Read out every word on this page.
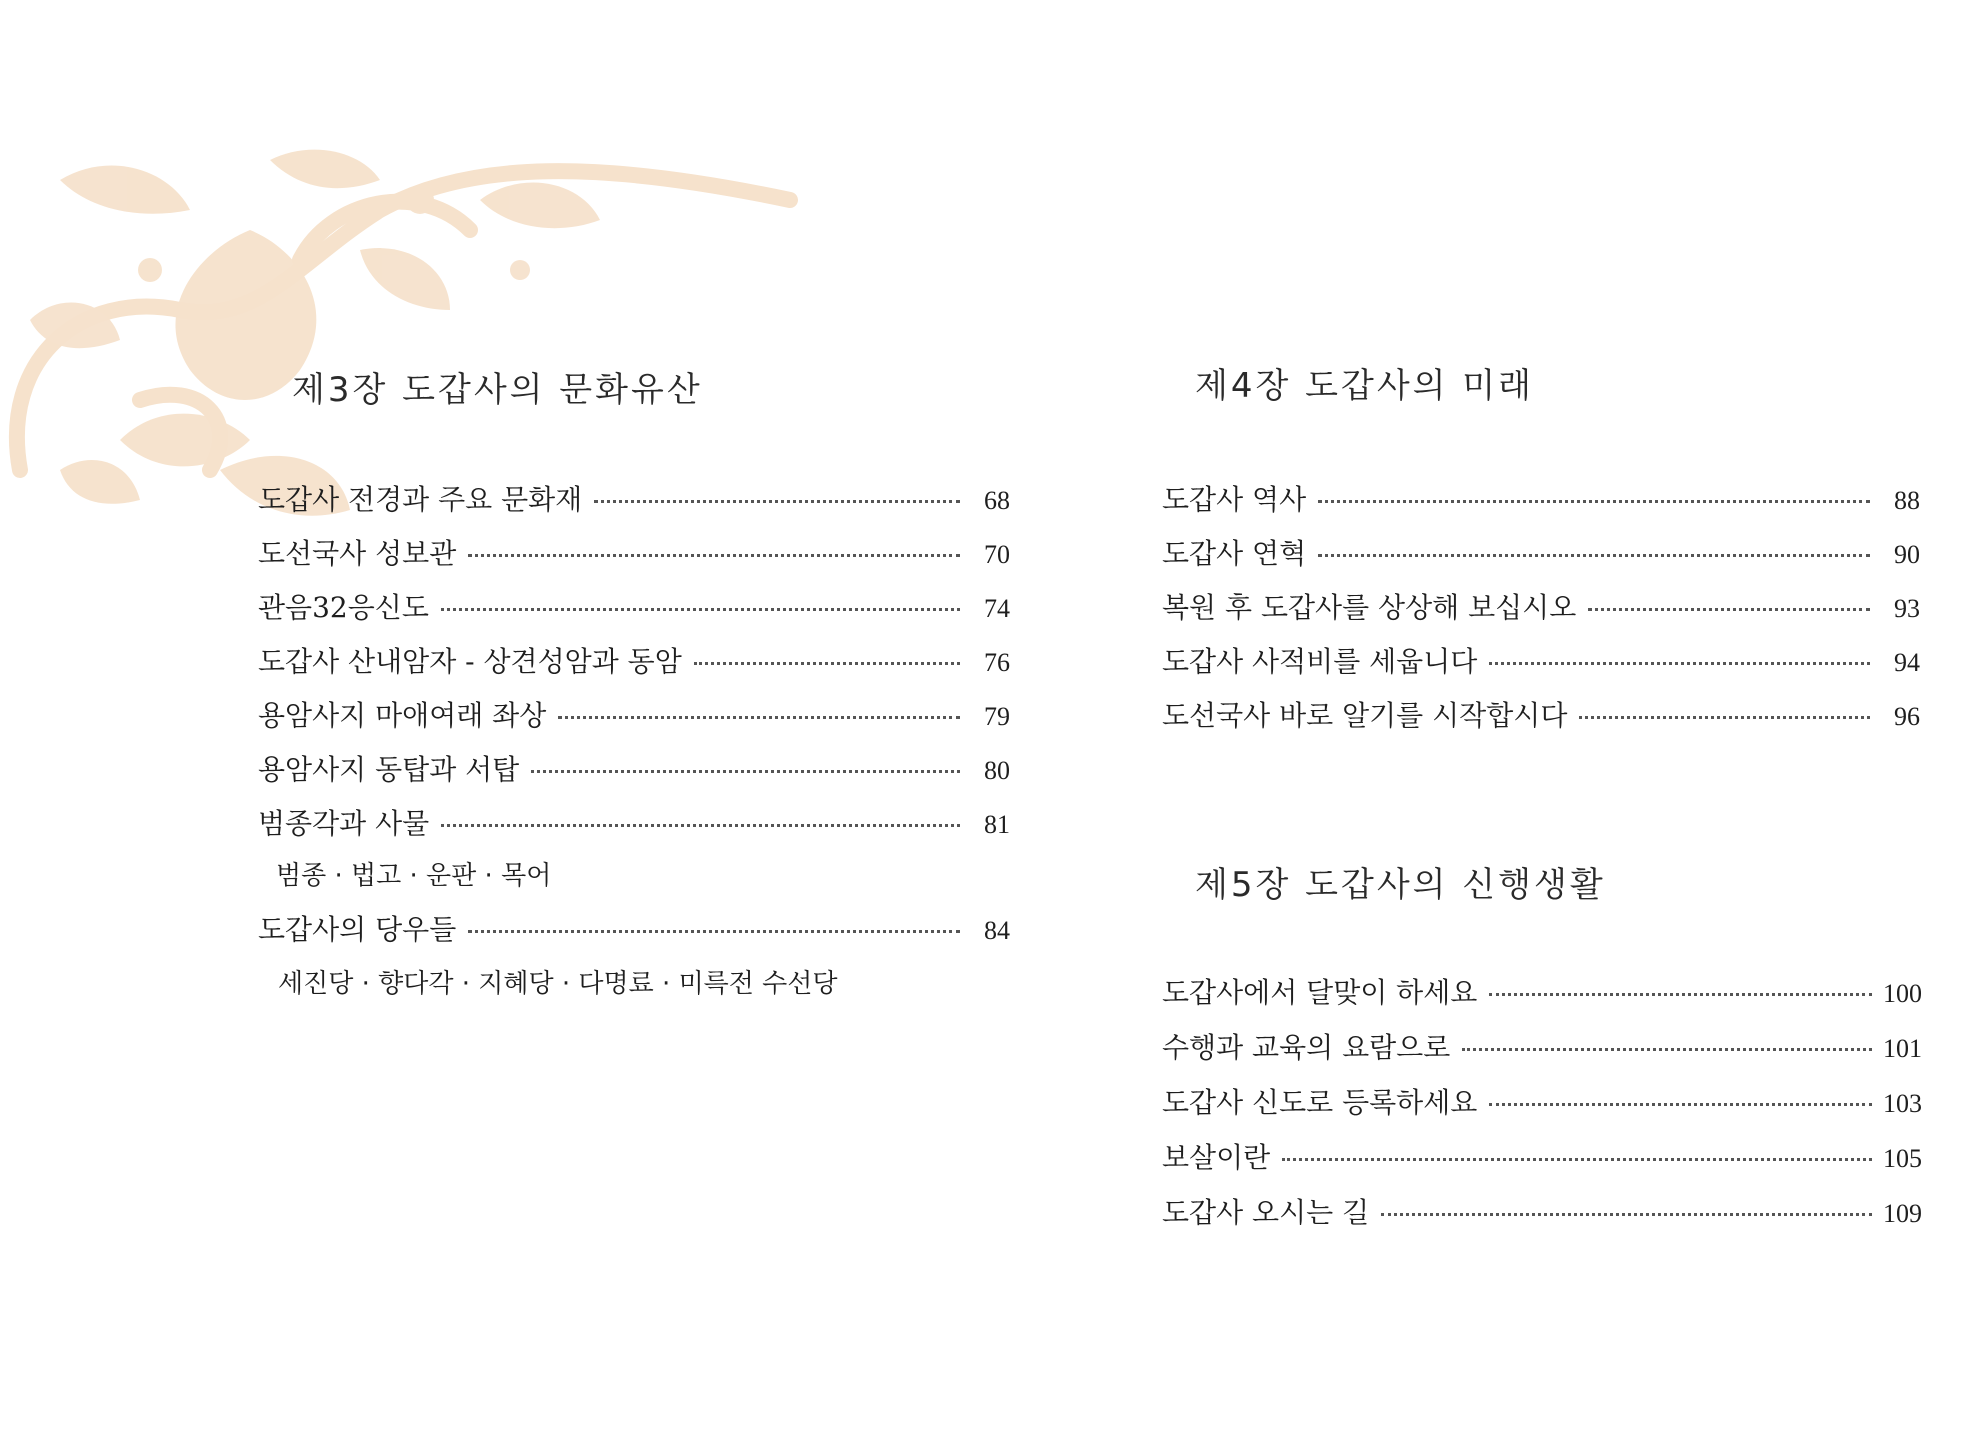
제3장 도갑사의 문화유산
도갑사 전경과 주요 문화재	68
도선국사 성보관	70
관음32응신도	74
도갑사 산내암자 - 상견성암과 동암	76
용암사지 마애여래 좌상	79
용암사지 동탑과 서탑	80
범종각과 사물	81
범종 · 법고 · 운판 · 목어
도갑사의 당우들	84
세진당 · 향다각 · 지혜당 · 다명료 · 미륵전 수선당
제4장 도갑사의 미래
도갑사 역사	88
도갑사 연혁	90
복원 후 도갑사를 상상해 보십시오	93
도갑사 사적비를 세웁니다	94
도선국사 바로 알기를 시작합시다	96
제5장 도갑사의 신행생활
도갑사에서 달맞이 하세요	100
수행과 교육의 요람으로	101
도갑사 신도로 등록하세요	103
보살이란	105
도갑사 오시는 길	109
